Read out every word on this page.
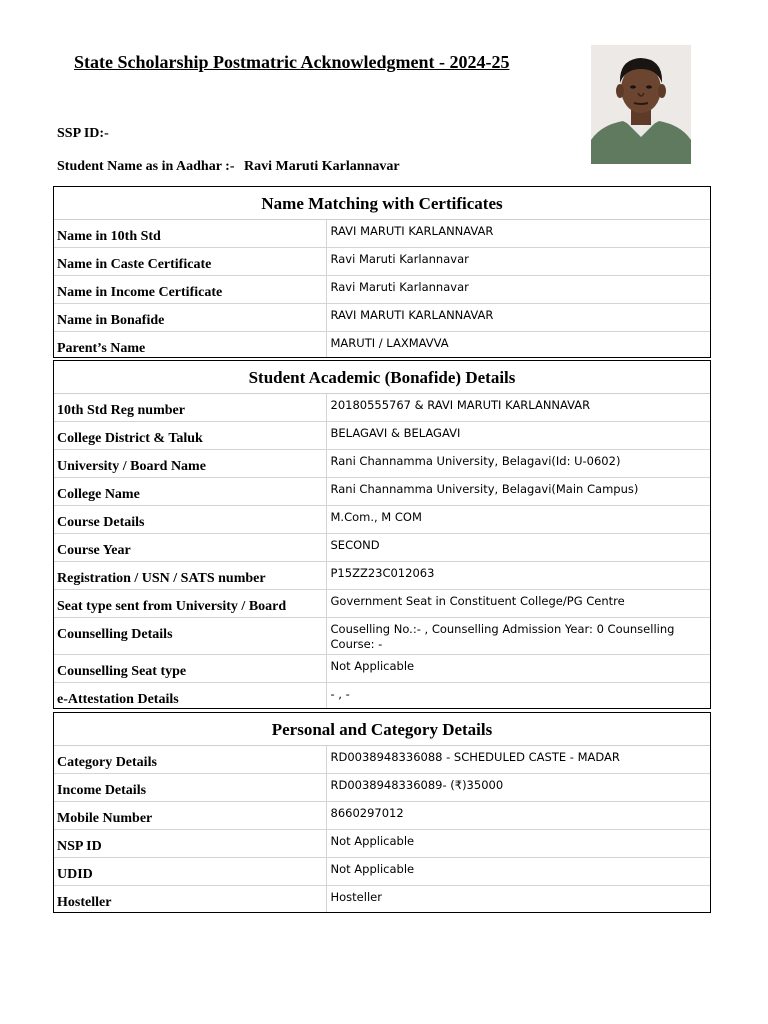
State Scholarship Postmatric Acknowledgment - 2024-25
SSP ID:-
Student Name as in Aadhar :- Ravi Maruti Karlannavar
Name Matching with Certificates
Name in 10th Std	RAVI MARUTI KARLANNAVAR
Name in Caste Certificate	Ravi Maruti Karlannavar
Name in Income Certificate	Ravi Maruti Karlannavar
Name in Bonafide	RAVI MARUTI KARLANNAVAR
Parent’s Name	MARUTI / LAXMAVVA
Student Academic (Bonafide) Details
10th Std Reg number	20180555767 & RAVI MARUTI KARLANNAVAR
College District & Taluk	BELAGAVI & BELAGAVI
University / Board Name	Rani Channamma University, Belagavi(Id: U-0602)
College Name	Rani Channamma University, Belagavi(Main Campus)
Course Details	M.Com., M COM
Course Year	SECOND
Registration / USN / SATS number	P15ZZ23C012063
Seat type sent from University / Board	Government Seat in Constituent College/PG Centre
Counselling Details	Couselling No.:- , Counselling Admission Year: 0 Counselling Course: -
Counselling Seat type	Not Applicable
e-Attestation Details	- , -
Personal and Category Details
Category Details	RD0038948336088 - SCHEDULED CASTE - MADAR
Income Details	RD0038948336089- (₹)35000
Mobile Number	8660297012
NSP ID	Not Applicable
UDID	Not Applicable
Hosteller	Hosteller
